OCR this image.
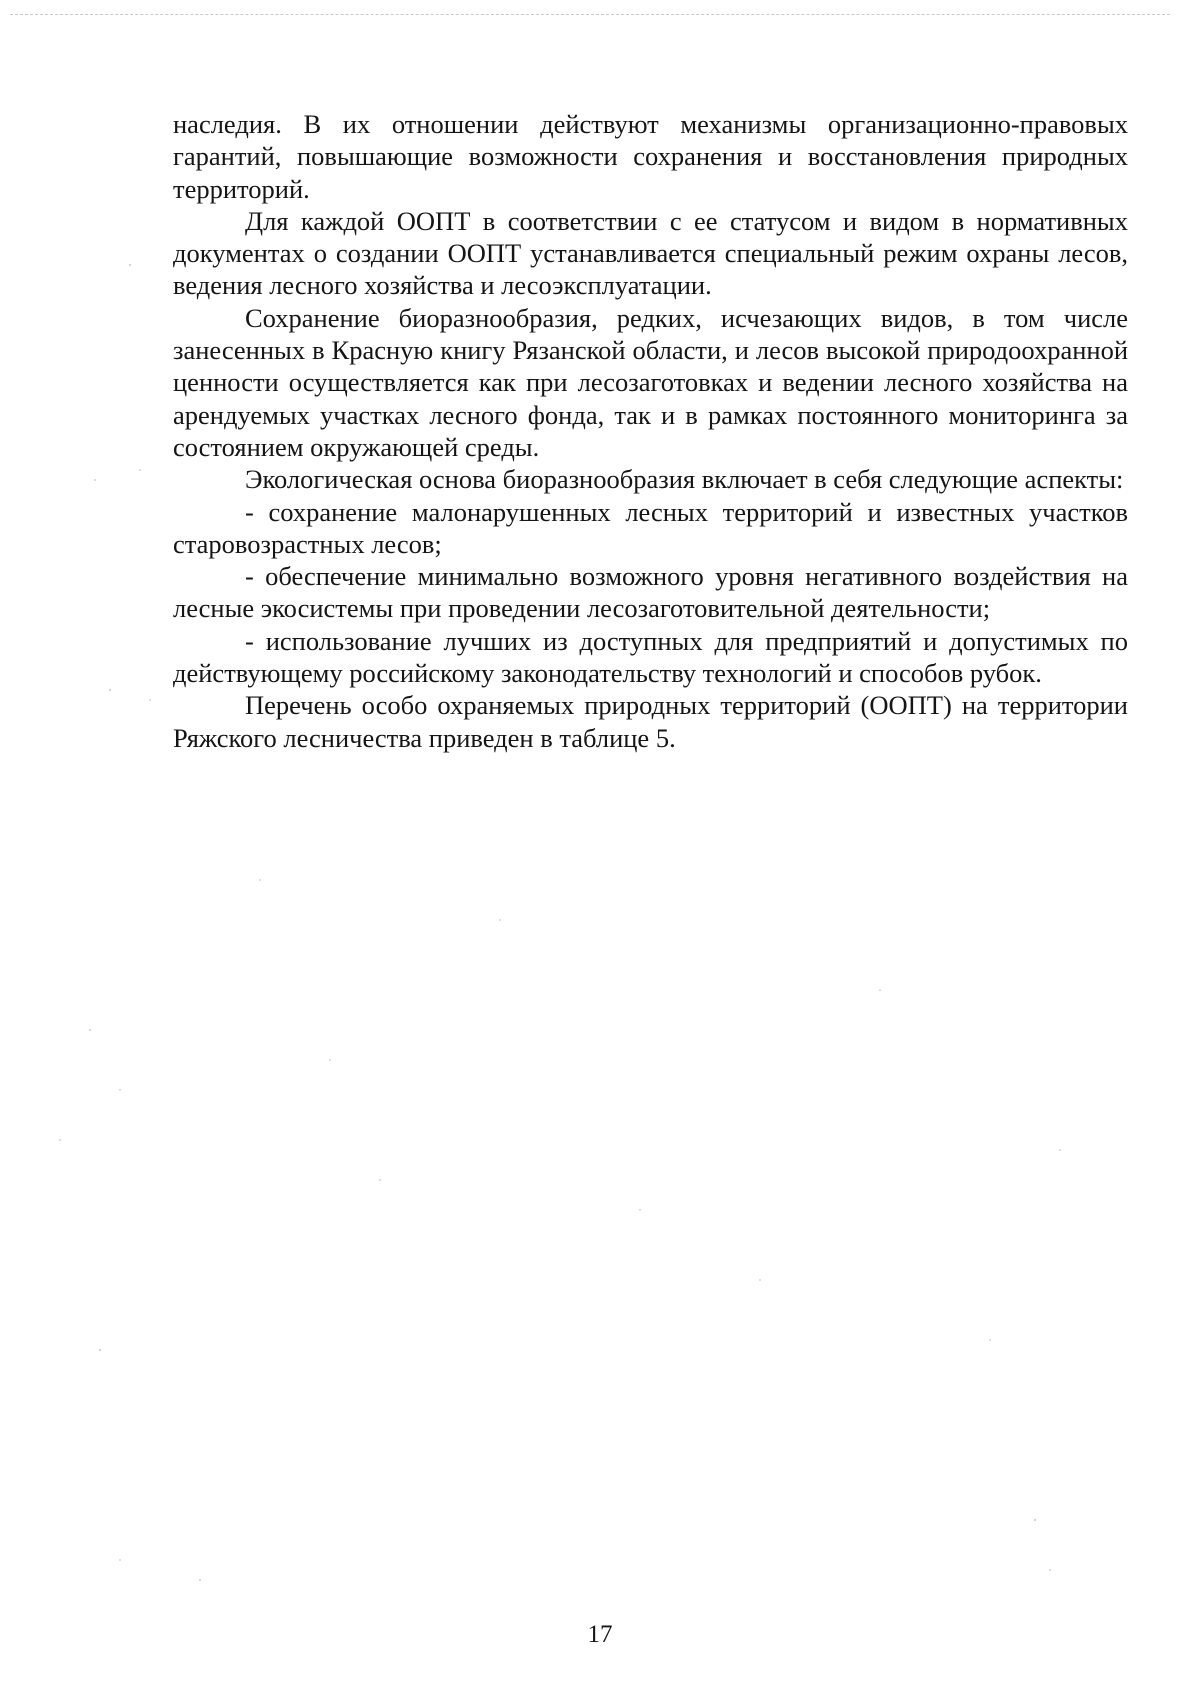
наследия. В их отношении действуют механизмы организационно-правовых гарантий, повышающие возможности сохранения и восстановления природных территорий.

Для каждой ООПТ в соответствии с ее статусом и видом в нормативных документах о создании ООПТ устанавливается специальный режим охраны лесов, ведения лесного хозяйства и лесоэксплуатации.

Сохранение биоразнообразия, редких, исчезающих видов, в том числе занесенных в Красную книгу Рязанской области, и лесов высокой природоохранной ценности осуществляется как при лесозаготовках и ведении лесного хозяйства на арендуемых участках лесного фонда, так и в рамках постоянного мониторинга за состоянием окружающей среды.

Экологическая основа биоразнообразия включает в себя следующие аспекты:

- сохранение малонарушенных лесных территорий и известных участков старовозрастных лесов;

- обеспечение минимально возможного уровня негативного воздействия на лесные экосистемы при проведении лесозаготовительной деятельности;

- использование лучших из доступных для предприятий и допустимых по действующему российскому законодательству технологий и способов рубок.

Перечень особо охраняемых природных территорий (ООПТ) на территории Ряжского лесничества приведен в таблице 5.

17
